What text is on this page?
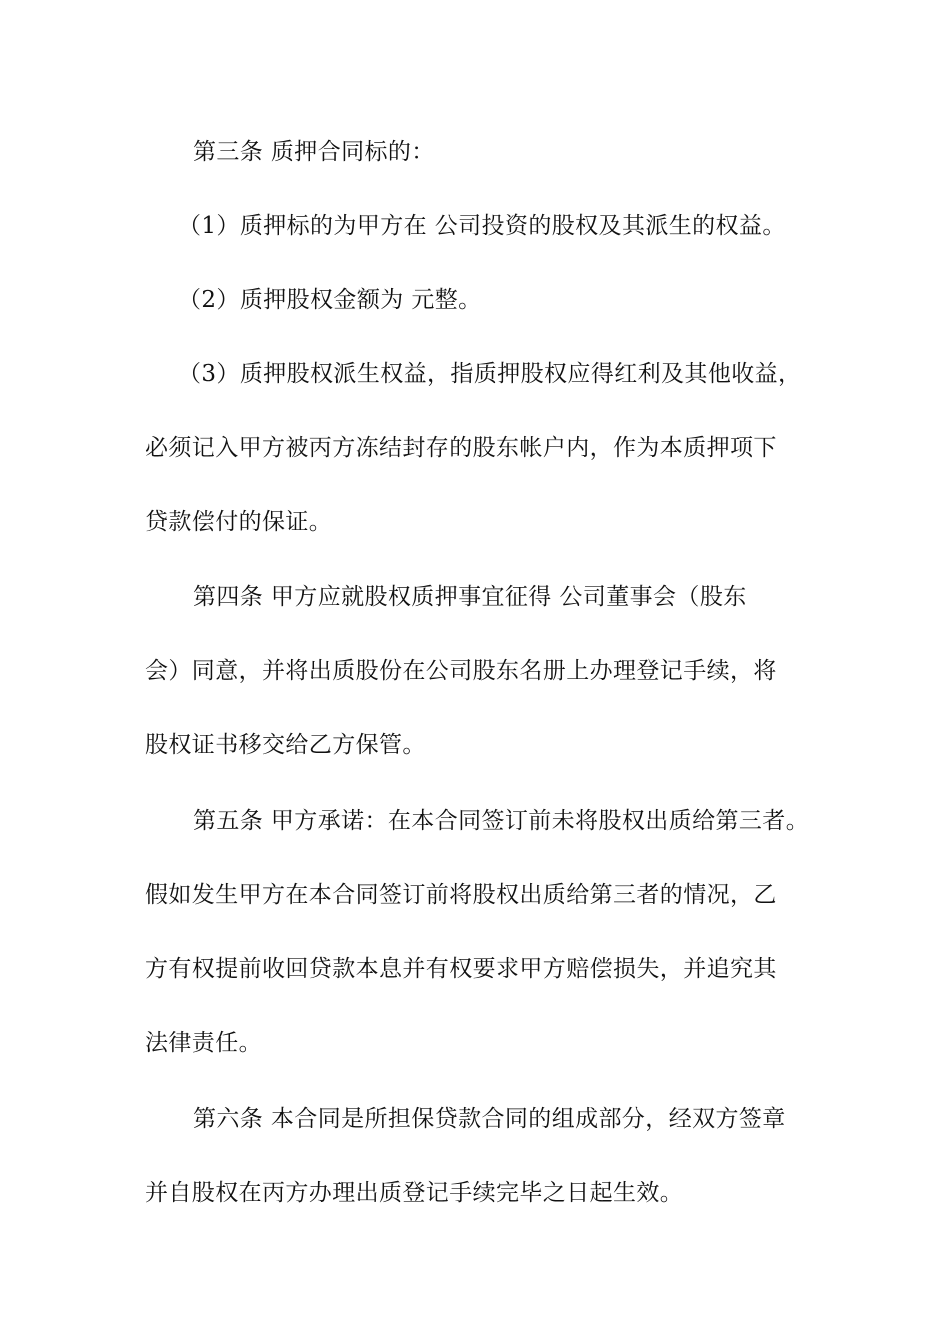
第三条 质押合同标的：
（1）质押标的为甲方在 公司投资的股权及其派生的权益。
（2）质押股权金额为 元整。
（3）质押股权派生权益，指质押股权应得红利及其他收益，
必须记入甲方被丙方冻结封存的股东帐户内，作为本质押项下
贷款偿付的保证。
第四条 甲方应就股权质押事宜征得 公司董事会（股东
会）同意，并将出质股份在公司股东名册上办理登记手续，将
股权证书移交给乙方保管。
第五条 甲方承诺：在本合同签订前未将股权出质给第三者。
假如发生甲方在本合同签订前将股权出质给第三者的情况，乙
方有权提前收回贷款本息并有权要求甲方赔偿损失，并追究其
法律责任。
第六条 本合同是所担保贷款合同的组成部分，经双方签章
并自股权在丙方办理出质登记手续完毕之日起生效。
